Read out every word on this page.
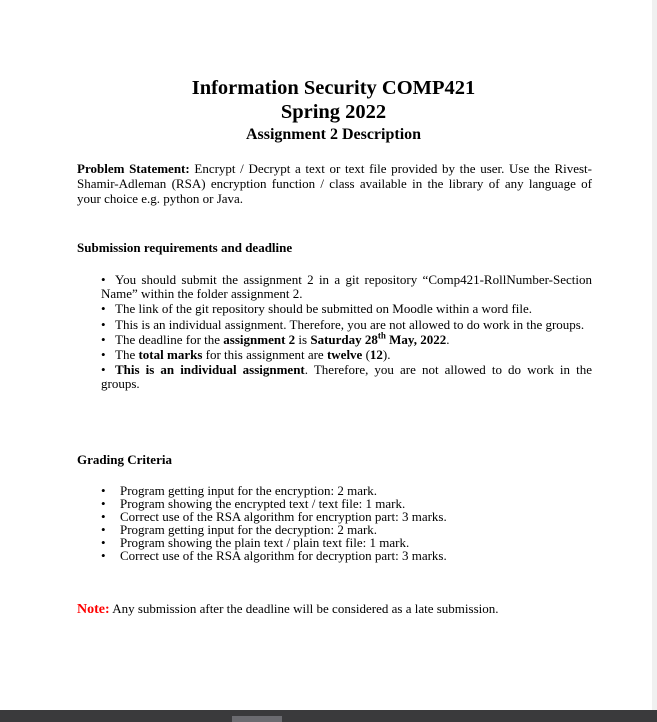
Information Security COMP421
Spring 2022
Assignment 2 Description
Problem Statement: Encrypt / Decrypt a text or text file provided by the user. Use the Rivest-Shamir-Adleman (RSA) encryption function / class available in the library of any language of your choice e.g. python or Java.
Submission requirements and deadline
• You should submit the assignment 2 in a git repository “Comp421-RollNumber-Section Name” within the folder assignment 2.
• The link of the git repository should be submitted on Moodle within a word file.
• This is an individual assignment. Therefore, you are not allowed to do work in the groups.
• The deadline for the assignment 2 is Saturday 28th May, 2022.
• The total marks for this assignment are twelve (12).
• This is an individual assignment. Therefore, you are not allowed to do work in the groups.
Grading Criteria
• Program getting input for the encryption: 2 mark.
• Program showing the encrypted text / text file: 1 mark.
• Correct use of the RSA algorithm for encryption part: 3 marks.
• Program getting input for the decryption: 2 mark.
• Program showing the plain text / plain text file: 1 mark.
• Correct use of the RSA algorithm for decryption part: 3 marks.
Note: Any submission after the deadline will be considered as a late submission.
